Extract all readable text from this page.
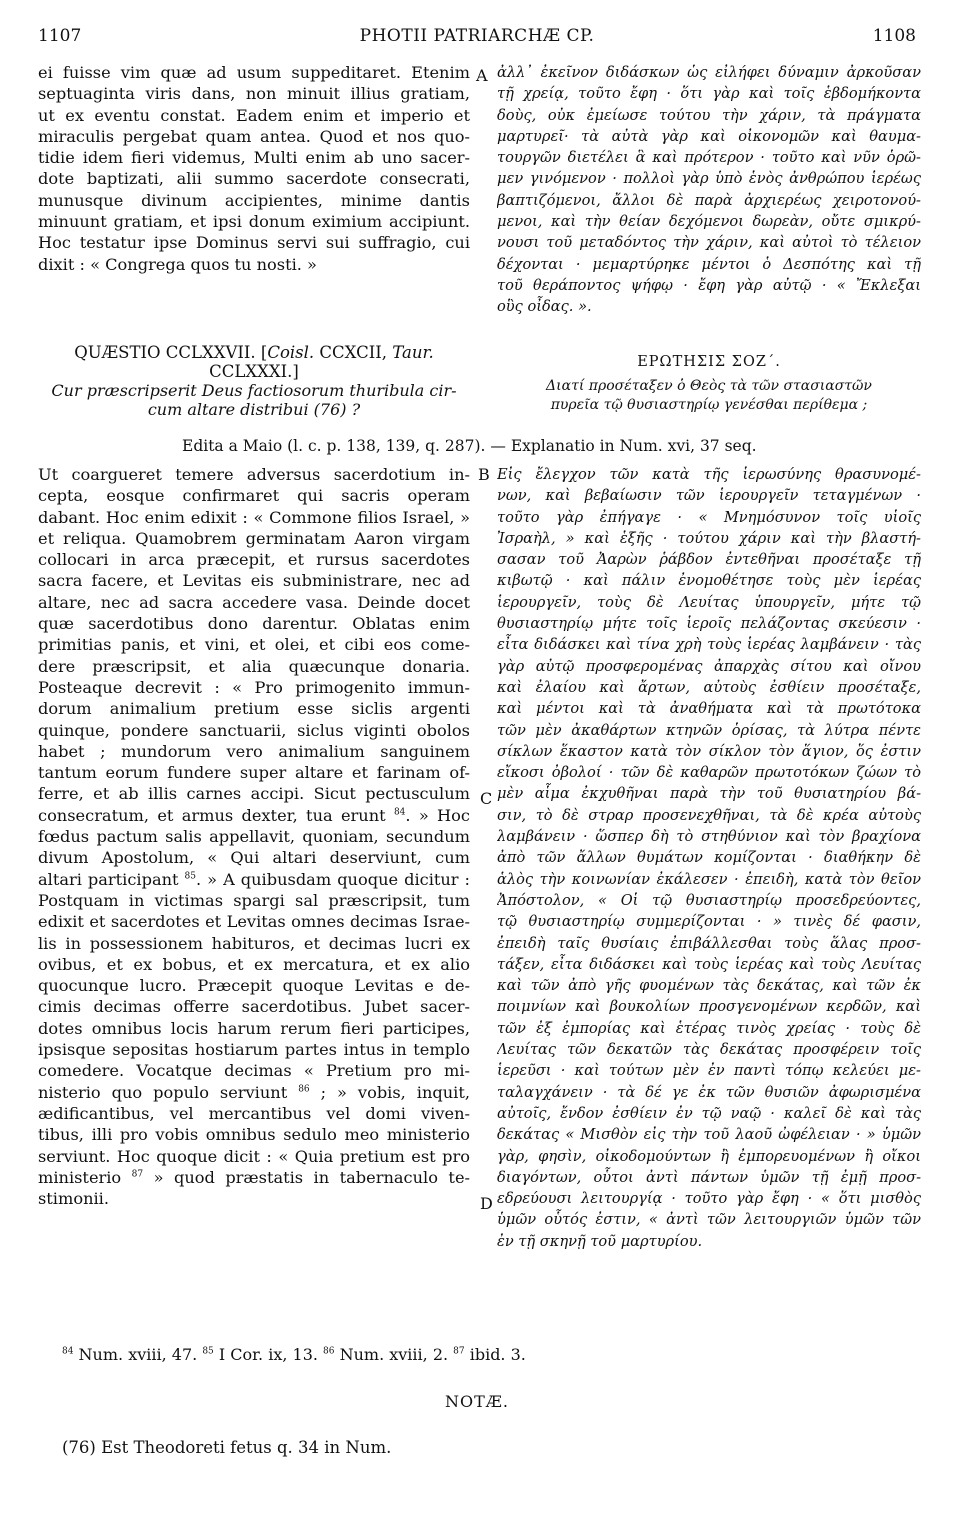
1107	PHOTII PATRIARCHÆ CP.	1108
ei fuisse vim quæ ad usum suppeditaret. Etenim
septuaginta viris dans, non minuit illius gratiam,
ut ex eventu constat. Eadem enim et imperio et
miraculis pergebat quam antea. Quod et nos quo-
tidie idem fieri videmus, Multi enim ab uno sacer-
dote baptizati, alii summo sacerdote consecrati,
munusque divinum accipientes, minime dantis
minuunt gratiam, et ipsi donum eximium accipiunt.
Hoc testatur ipse Dominus servi sui suffragio, cui
dixit : « Congrega quos tu nosti. »
ἀλλ᾽ ἐκεῖνον διδάσκων ὡς εἰλήφει δύναμιν ἀρκοῦσαν
τῇ χρείᾳ, τοῦτο ἔφη · ὅτι γὰρ καὶ τοῖς ἑβδομήκοντα
δοὺς, οὐκ ἐμείωσε τούτου τὴν χάριν, τὰ πράγματα
μαρτυρεῖ· τὰ αὐτὰ γὰρ καὶ οἰκονομῶν καὶ θαυμα-
τουργῶν διετέλει ἃ καὶ πρότερον · τοῦτο καὶ νῦν ὁρῶ-
μεν γινόμενον · πολλοὶ γὰρ ὑπὸ ἑνὸς ἀνθρώπου ἱερέως
βαπτιζόμενοι, ἄλλοι δὲ παρὰ ἀρχιερέως χειροτονού-
μενοι, καὶ τὴν θείαν δεχόμενοι δωρεὰν, οὔτε σμικρύ-
νουσι τοῦ μεταδόντος τὴν χάριν, καὶ αὐτοὶ τὸ τέλειον
δέχονται · μεμαρτύρηκε μέντοι ὁ Δεσπότης καὶ τῇ
τοῦ θεράποντος ψήφῳ · ἔφη γὰρ αὐτῷ · « Ἔκλεξαι
οὓς οἶδας. ».
A
B
C
D
QUÆSTIO CCLXXVII. [Coisl. CCXCII, Taur.
CCLXXXI.]
Cur præscripserit Deus factiosorum thuribula cir-
cum altare distribui (76) ?
ΕΡΩΤΗΣΙΣ ΣΟΖ΄.
Διατί προσέταξεν ὁ Θεὸς τὰ τῶν στασιαστῶν
πυρεῖα τῷ θυσιαστηρίῳ γενέσθαι περίθεμα ;
Edita a Maio (l. c. p. 138, 139, q. 287). — Explanatio in Num. xvi, 37 seq.
Ut coargueret temere adversus sacerdotium in-
cepta, eosque confirmaret qui sacris operam
dabant. Hoc enim edixit : « Commone filios Israel, »
et reliqua. Quamobrem germinatam Aaron virgam
collocari in arca præcepit, et rursus sacerdotes
sacra facere, et Levitas eis subministrare, nec ad
altare, nec ad sacra accedere vasa. Deinde docet
quæ sacerdotibus dono darentur. Oblatas enim
primitias panis, et vini, et olei, et cibi eos come-
dere præscripsit, et alia quæcunque donaria.
Posteaque decrevit : « Pro primogenito immun-
dorum animalium pretium esse siclis argenti
quinque, pondere sanctuarii, siclus viginti obolos
habet ; mundorum vero animalium sanguinem
tantum eorum fundere super altare et farinam of-
ferre, et ab illis carnes accipi. Sicut pectusculum
consecratum, et armus dexter, tua erunt $^{84}$. » Hoc
fœdus pactum salis appellavit, quoniam, secundum
divum Apostolum, « Qui altari deserviunt, cum
altari participant $^{85}$. » A quibusdam quoque dicitur :
Postquam in victimas spargi sal præscripsit, tum
edixit et sacerdotes et Levitas omnes decimas Israe-
lis in possessionem habituros, et decimas lucri ex
ovibus, et ex bobus, et ex mercatura, et ex alio
quocunque lucro. Præcepit quoque Levitas e de-
cimis decimas offerre sacerdotibus. Jubet sacer-
dotes omnibus locis harum rerum fieri participes,
ipsisque sepositas hostiarum partes intus in templo
comedere. Vocatque decimas « Pretium pro mi-
nisterio quo populo serviunt $^{86}$ ; » vobis, inquit,
ædificantibus, vel mercantibus vel domi viven-
tibus, illi pro vobis omnibus sedulo meo ministerio
serviunt. Hoc quoque dicit : « Quia pretium est pro
ministerio $^{87}$ » quod præstatis in tabernaculo te-
stimonii.
Εἰς ἔλεγχον τῶν κατὰ τῆς ἱερωσύνης θρασυνομέ-
νων, καὶ βεβαίωσιν τῶν ἱερουργεῖν τεταγμένων ·
τοῦτο γὰρ ἐπήγαγε · « Μνημόσυνον τοῖς υἱοῖς
Ἰσραὴλ, » καὶ ἑξῆς · τούτου χάριν καὶ τὴν βλαστή-
σασαν τοῦ Ἀαρὼν ῥάβδον ἐντεθῆναι προσέταξε τῇ
κιβωτῷ · καὶ πάλιν ἐνομοθέτησε τοὺς μὲν ἱερέας
ἱερουργεῖν, τοὺς δὲ Λευίτας ὑπουργεῖν, μήτε τῷ
θυσιαστηρίῳ μήτε τοῖς ἱεροῖς πελάζοντας σκεύεσιν ·
εἶτα διδάσκει καὶ τίνα χρὴ τοὺς ἱερέας λαμβάνειν · τὰς
γὰρ αὐτῷ προσφερομένας ἀπαρχὰς σίτου καὶ οἴνου
καὶ ἐλαίου καὶ ἄρτων, αὐτοὺς ἐσθίειν προσέταξε,
καὶ μέντοι καὶ τὰ ἀναθήματα καὶ τὰ πρωτότοκα
τῶν μὲν ἀκαθάρτων κτηνῶν ὁρίσας, τὰ λύτρα πέντε
σίκλων ἕκαστον κατὰ τὸν σίκλον τὸν ἅγιον, ὅς ἐστιν
εἴκοσι ὀβολοί · τῶν δὲ καθαρῶν πρωτοτόκων ζώων τὸ
μὲν αἷμα ἐκχυθῆναι παρὰ τὴν τοῦ θυσιατηρίου βά-
σιν, τὸ δὲ στραρ προσενεχθῆναι, τὰ δὲ κρέα αὐτοὺς
λαμβάνειν · ὥσπερ δὴ τὸ στηθύνιον καὶ τὸν βραχίονα
ἀπὸ τῶν ἄλλων θυμάτων κομίζονται · διαθήκην δὲ
ἁλὸς τὴν κοινωνίαν ἐκάλεσεν · ἐπειδὴ, κατὰ τὸν θεῖον
Ἀπόστολον, « Οἱ τῷ θυσιαστηρίῳ προσεδρεύοντες,
τῷ θυσιαστηρίῳ συμμερίζονται · » τινὲς δέ φασιν,
ἐπειδὴ ταῖς θυσίαις ἐπιβάλλεσθαι τοὺς ἅλας προσ-
τάξεν, εἶτα διδάσκει καὶ τοὺς ἱερέας καὶ τοὺς Λευίτας
καὶ τῶν ἀπὸ γῆς φυομένων τὰς δεκάτας, καὶ τῶν ἐκ
ποιμνίων καὶ βουκολίων προσγενομένων κερδῶν, καὶ
τῶν ἐξ ἐμπορίας καὶ ἑτέρας τινὸς χρείας · τοὺς δὲ
Λευίτας τῶν δεκατῶν τὰς δεκάτας προσφέρειν τοῖς
ἱερεῦσι · καὶ τούτων μὲν ἐν παντὶ τόπῳ κελεύει με-
ταλαγχάνειν · τὰ δέ γε ἐκ τῶν θυσιῶν ἀφωρισμένα
αὐτοῖς, ἔνδον ἐσθίειν ἐν τῷ ναῷ · καλεῖ δὲ καὶ τὰς
δεκάτας « Μισθὸν εἰς τὴν τοῦ λαοῦ ὠφέλειαν · » ὑμῶν
γὰρ, φησὶν, οἰκοδομούντων ἢ ἐμπορευομένων ἢ οἴκοι
διαγόντων, οὗτοι ἀντὶ πάντων ὑμῶν τῇ ἐμῇ προσ-
εδρεύουσι λειτουργίᾳ · τοῦτο γὰρ ἔφη · « ὅτι μισθὸς
ὑμῶν οὗτός ἐστιν, « ἀντὶ τῶν λειτουργιῶν ὑμῶν τῶν
ἐν τῇ σκηνῇ τοῦ μαρτυρίου.
$^{84}$ Num. xviii, 47. $^{85}$ I Cor. ix, 13. $^{86}$ Num. xviii, 2. $^{87}$ ibid. 3.
NOTÆ.
(76) Est Theodoreti fetus q. 34 in Num.
